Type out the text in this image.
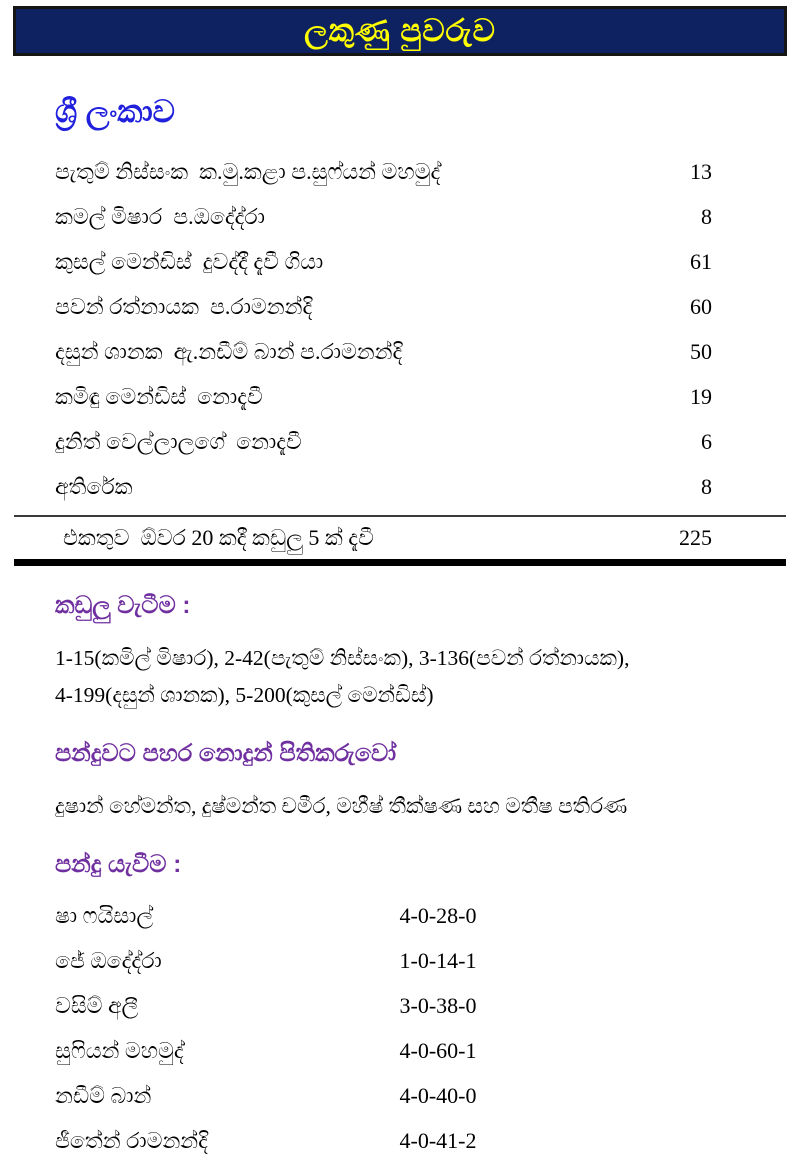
ලකුණු පුවරුව
ශ්‍රී ලංකාව
පැතුම් නිස්සංක  ක.මු.කළා ප.සුෆ්යන් මහමුද්	13
කමල් මිෂාර  ප.ඔදේද්රා	8
කුසල් මෙන්ඩිස්  දුවද්දී දැවී ගියා	61
පවන් රත්නායක  ප.රාමනන්දි	60
දසුන් ශානක  ඇ.නඩීම් බාන් ප.රාමනන්දි	50
කමිඳු මෙන්ඩිස්  නොදැවී	19
දුනිත් වෙල්ලාලගේ  නොදැවී	6
අතිරේක	8
එකතුව  ඕවර 20 කදී කඩුලු 5 ක් දැවී	225
කඩුලු වැටීම :
1-15(කමිල් මිෂාර), 2-42(පැතුම් නිස්සංක), 3-136(පවන් රත්නායක),
4-199(දසුන් ශානක), 5-200(කුසල් මෙන්ඩිස්)
පන්දුවට පහර නොදුන් පිතිකරුවෝ
දුෂාන් හේමන්ත, දුෂ්මන්ත චමීර, මහීෂ් තීක්ෂණ සහ මතීෂ පතිරණ
පන්දු යැවීම :
ෂා ෆයිසාල්	4-0-28-0
ජේ ඔදේද්රා	1-0-14-1
වසිම් අලී	3-0-38-0
සුෆියන් මහමුද්	4-0-60-1
නඩීම් බාන්	4-0-40-0
ජීතේන් රාමනන්දි	4-0-41-2
